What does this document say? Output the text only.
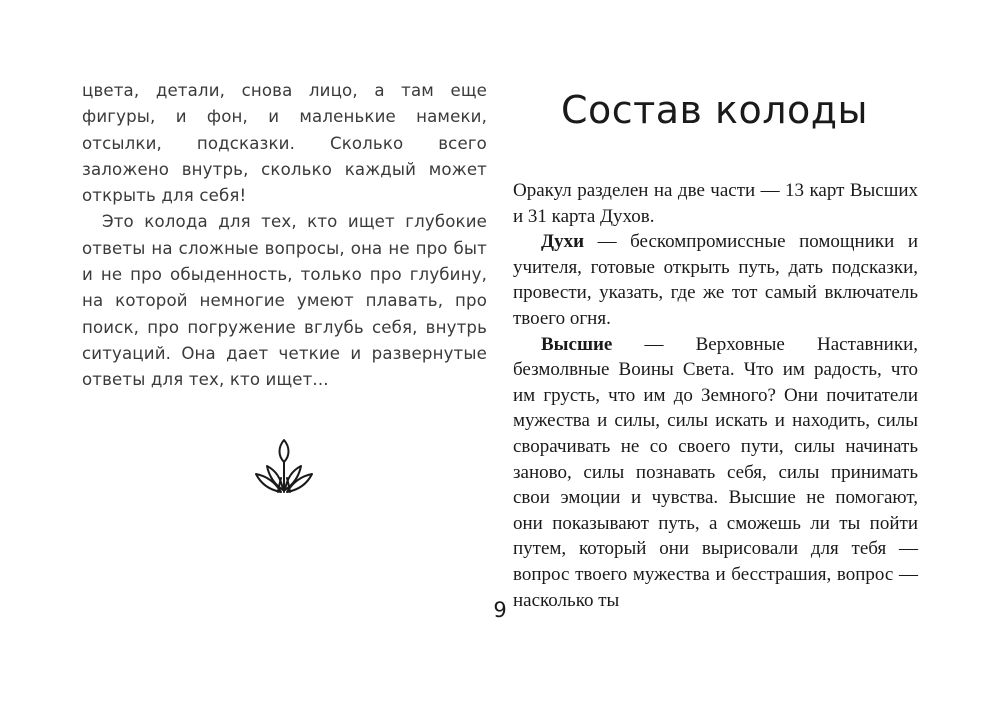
цвета, детали, снова лицо, а там еще фигуры, и фон, и маленькие намеки, отсылки, подсказки. Сколько всего заложено внутрь, сколько каждый может открыть для себя!

Это колода для тех, кто ищет глубокие ответы на сложные вопросы, она не про быт и не про обыденность, только про глубину, на которой немногие умеют плавать, про поиск, про погружение вглубь себя, внутрь ситуаций. Она дает четкие и развернутые ответы для тех, кто ищет...

Состав колоды

Оракул разделен на две части — 13 карт Высших и 31 карта Духов.

Духи — бескомпромиссные помощники и учителя, готовые открыть путь, дать подсказки, провести, указать, где же тот самый включатель твоего огня.

Высшие — Верховные Наставники, безмолвные Воины Света. Что им радость, что им грусть, что им до Земного? Они почитатели мужества и силы, силы искать и находить, силы сворачивать не со своего пути, силы начинать заново, силы познавать себя, силы принимать свои эмоции и чувства. Высшие не помогают, они показывают путь, а сможешь ли ты пойти путем, который они вырисовали для тебя — вопрос твоего мужества и бесстрашия, вопрос — насколько ты

9
